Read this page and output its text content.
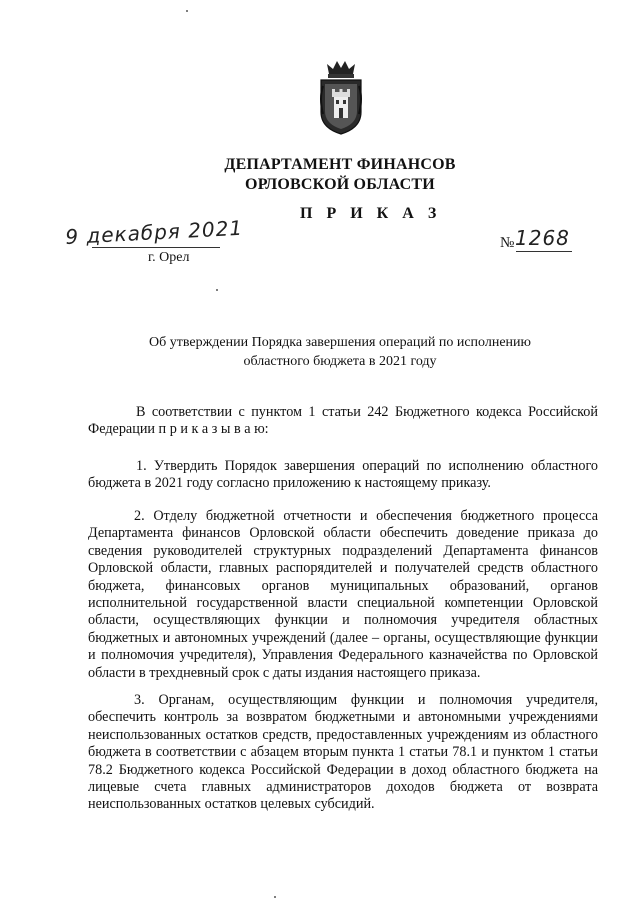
ДЕПАРТАМЕНТ ФИНАНСОВ
ОРЛОВСКОЙ ОБЛАСТИ
П Р И К А З
9 декабря 2021
г. Орел
№ 1268
Об утверждении Порядка завершения операций по исполнению
областного бюджета в 2021 году
В соответствии с пунктом 1 статьи 242 Бюджетного кодекса Российской Федерации п р и к а з ы в а ю:
1. Утвердить Порядок завершения операций по исполнению областного бюджета в 2021 году согласно приложению к настоящему приказу.
2. Отделу бюджетной отчетности и обеспечения бюджетного процесса Департамента финансов Орловской области обеспечить доведение приказа до сведения руководителей структурных подразделений Департамента финансов Орловской области, главных распорядителей и получателей средств областного бюджета, финансовых органов муниципальных образований, органов исполнительной государственной власти специальной компетенции Орловской области, осуществляющих функции и полномочия учредителя областных бюджетных и автономных учреждений (далее – органы, осуществляющие функции и полномочия учредителя), Управления Федерального казначейства по Орловской области в трехдневный срок с даты издания настоящего приказа.
3. Органам, осуществляющим функции и полномочия учредителя, обеспечить контроль за возвратом бюджетными и автономными учреждениями неиспользованных остатков средств, предоставленных учреждениям из областного бюджета в соответствии с абзацем вторым пункта 1 статьи 78.1 и пунктом 1 статьи 78.2 Бюджетного кодекса Российской Федерации в доход областного бюджета на лицевые счета главных администраторов доходов бюджета от возврата неиспользованных остатков целевых субсидий.
